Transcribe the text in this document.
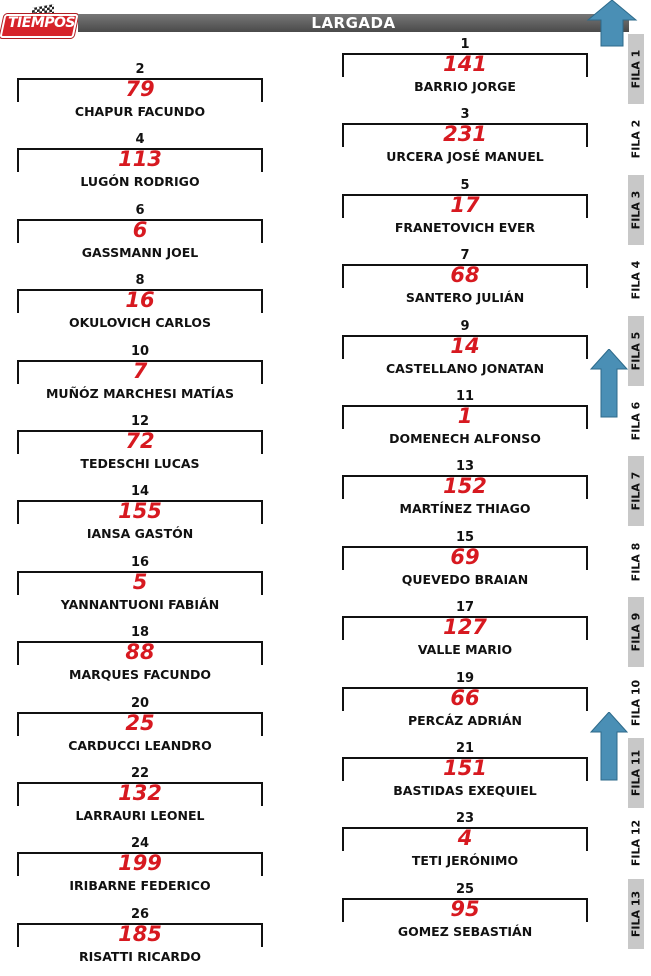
TIEMPOS	LARGADA
2
79
CHAPUR FACUNDO
4
113
LUGÓN RODRIGO
6
6
GASSMANN JOEL
8
16
OKULOVICH CARLOS
10
7
MUÑÓZ MARCHESI MATÍAS
12
72
TEDESCHI LUCAS
14
155
IANSA GASTÓN
16
5
YANNANTUONI FABIÁN
18
88
MARQUES FACUNDO
20
25
CARDUCCI LEANDRO
22
132
LARRAURI LEONEL
24
199
IRIBARNE FEDERICO
26
185
RISATTI RICARDO
1
141
BARRIO JORGE
3
231
URCERA JOSÉ MANUEL
5
17
FRANETOVICH EVER
7
68
SANTERO JULIÁN
9
14
CASTELLANO JONATAN
11
1
DOMENECH ALFONSO
13
152
MARTÍNEZ THIAGO
15
69
QUEVEDO BRAIAN
17
127
VALLE MARIO
19
66
PERCÁZ ADRIÁN
21
151
BASTIDAS EXEQUIEL
23
4
TETI JERÓNIMO
25
95
GOMEZ SEBASTIÁN
FILA 1
FILA 2
FILA 3
FILA 4
FILA 5
FILA 6
FILA 7
FILA 8
FILA 9
FILA 10
FILA 11
FILA 12
FILA 13
